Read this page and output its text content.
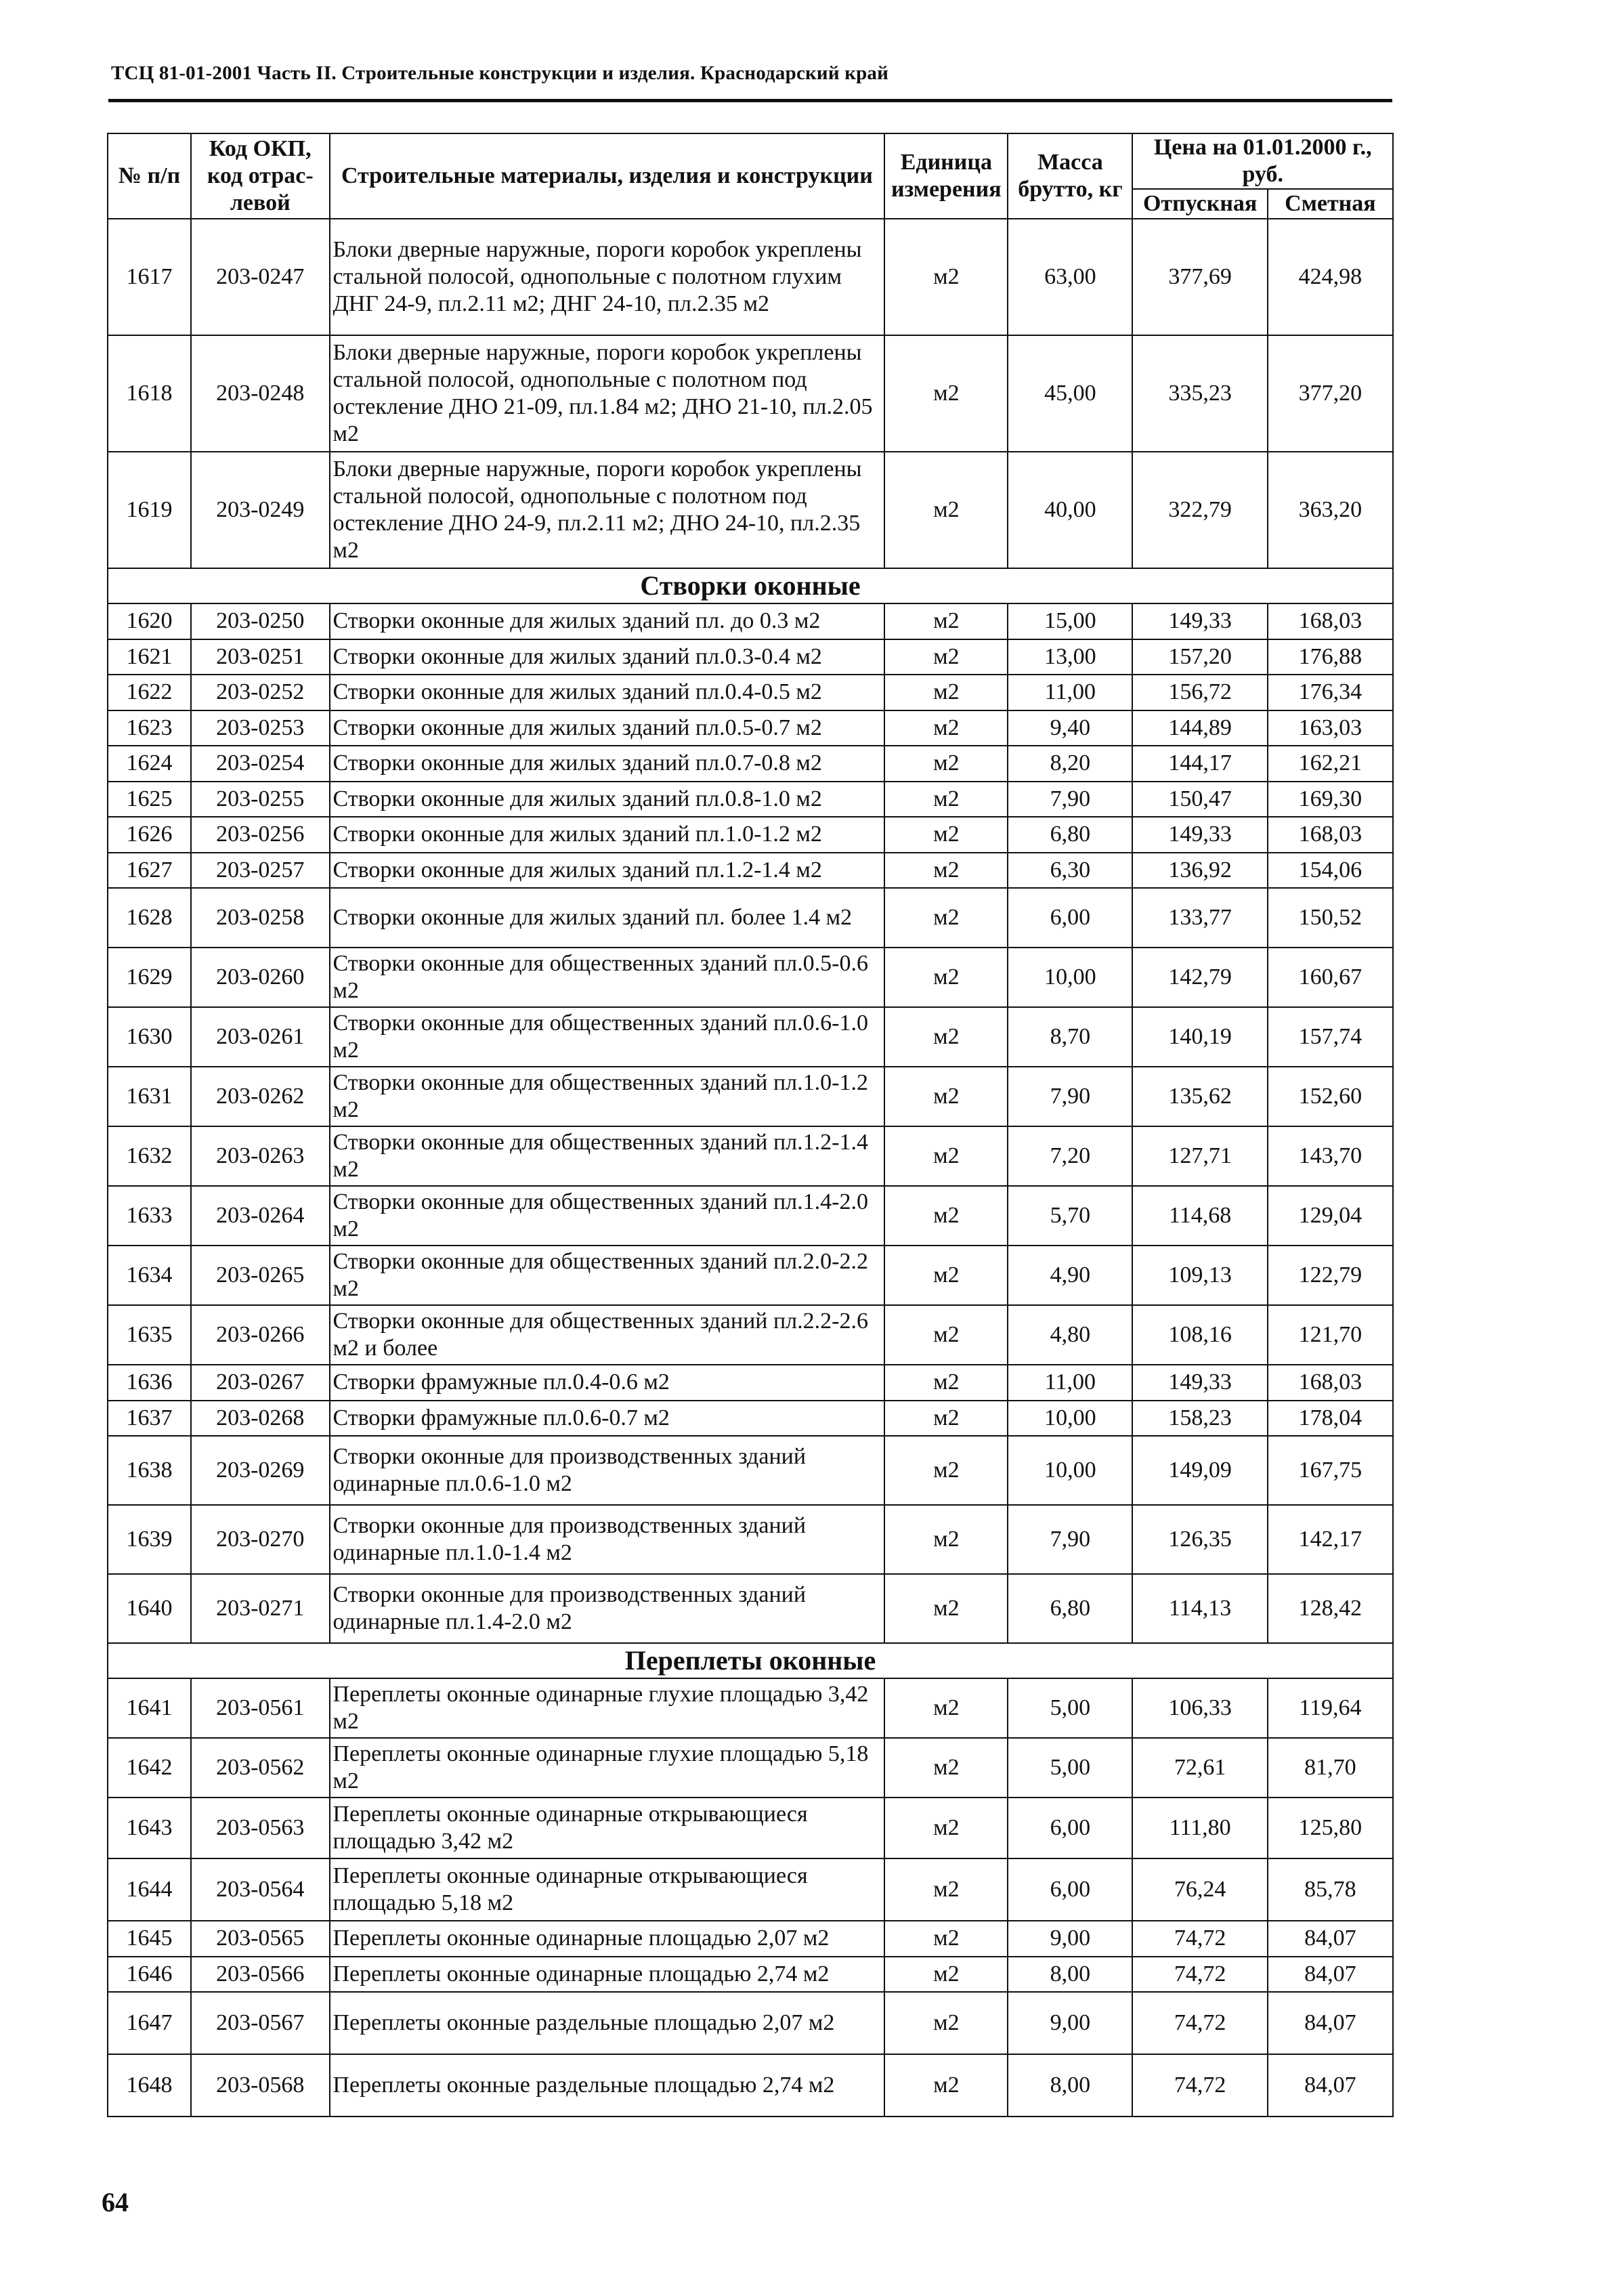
ТСЦ 81-01-2001 Часть II. Строительные конструкции и изделия. Краснодарский край
№ п/п	Код ОКП, код отрас-левой	Строительные материалы, изделия и конструкции	Единица измерения	Масса брутто, кг	Цена на 01.01.2000 г., руб.	
					Отпускная	Сметная
1617	203-0247	Блоки дверные наружные, пороги коробок укреплены стальной полосой, однопольные с полотном глухим ДНГ 24-9, пл.2.11 м2; ДНГ 24-10, пл.2.35 м2	м2	63,00	377,69	424,98
1618	203-0248	Блоки дверные наружные, пороги коробок укреплены стальной полосой, однопольные с полотном под остекление ДНО 21-09, пл.1.84 м2; ДНО 21-10, пл.2.05 м2	м2	45,00	335,23	377,20
1619	203-0249	Блоки дверные наружные, пороги коробок укреплены стальной полосой, однопольные с полотном под остекление ДНО 24-9, пл.2.11 м2; ДНО 24-10, пл.2.35 м2	м2	40,00	322,79	363,20
Створки оконные						
1620	203-0250	Створки оконные для жилых зданий пл. до 0.3 м2	м2	15,00	149,33	168,03
1621	203-0251	Створки оконные для жилых зданий пл.0.3-0.4 м2	м2	13,00	157,20	176,88
1622	203-0252	Створки оконные для жилых зданий пл.0.4-0.5 м2	м2	11,00	156,72	176,34
1623	203-0253	Створки оконные для жилых зданий пл.0.5-0.7 м2	м2	9,40	144,89	163,03
1624	203-0254	Створки оконные для жилых зданий пл.0.7-0.8 м2	м2	8,20	144,17	162,21
1625	203-0255	Створки оконные для жилых зданий пл.0.8-1.0 м2	м2	7,90	150,47	169,30
1626	203-0256	Створки оконные для жилых зданий пл.1.0-1.2 м2	м2	6,80	149,33	168,03
1627	203-0257	Створки оконные для жилых зданий пл.1.2-1.4 м2	м2	6,30	136,92	154,06
1628	203-0258	Створки оконные для жилых зданий пл. более 1.4 м2	м2	6,00	133,77	150,52
1629	203-0260	Створки оконные для общественных зданий пл.0.5-0.6 м2	м2	10,00	142,79	160,67
1630	203-0261	Створки оконные для общественных зданий пл.0.6-1.0 м2	м2	8,70	140,19	157,74
1631	203-0262	Створки оконные для общественных зданий пл.1.0-1.2 м2	м2	7,90	135,62	152,60
1632	203-0263	Створки оконные для общественных зданий пл.1.2-1.4 м2	м2	7,20	127,71	143,70
1633	203-0264	Створки оконные для общественных зданий пл.1.4-2.0 м2	м2	5,70	114,68	129,04
1634	203-0265	Створки оконные для общественных зданий пл.2.0-2.2 м2	м2	4,90	109,13	122,79
1635	203-0266	Створки оконные для общественных зданий пл.2.2-2.6 м2 и более	м2	4,80	108,16	121,70
1636	203-0267	Створки фрамужные пл.0.4-0.6 м2	м2	11,00	149,33	168,03
1637	203-0268	Створки фрамужные пл.0.6-0.7 м2	м2	10,00	158,23	178,04
1638	203-0269	Створки оконные для производственных зданий одинарные пл.0.6-1.0 м2	м2	10,00	149,09	167,75
1639	203-0270	Створки оконные для производственных зданий одинарные пл.1.0-1.4 м2	м2	7,90	126,35	142,17
1640	203-0271	Створки оконные для производственных зданий одинарные пл.1.4-2.0 м2	м2	6,80	114,13	128,42
Переплеты оконные						
1641	203-0561	Переплеты оконные одинарные глухие площадью 3,42 м2	м2	5,00	106,33	119,64
1642	203-0562	Переплеты оконные одинарные глухие площадью 5,18 м2	м2	5,00	72,61	81,70
1643	203-0563	Переплеты оконные одинарные открывающиеся площадью 3,42 м2	м2	6,00	111,80	125,80
1644	203-0564	Переплеты оконные одинарные открывающиеся площадью 5,18 м2	м2	6,00	76,24	85,78
1645	203-0565	Переплеты оконные одинарные площадью 2,07 м2	м2	9,00	74,72	84,07
1646	203-0566	Переплеты оконные одинарные площадью 2,74 м2	м2	8,00	74,72	84,07
1647	203-0567	Переплеты оконные раздельные площадью 2,07 м2	м2	9,00	74,72	84,07
1648	203-0568	Переплеты оконные раздельные площадью 2,74 м2	м2	8,00	74,72	84,07
64
